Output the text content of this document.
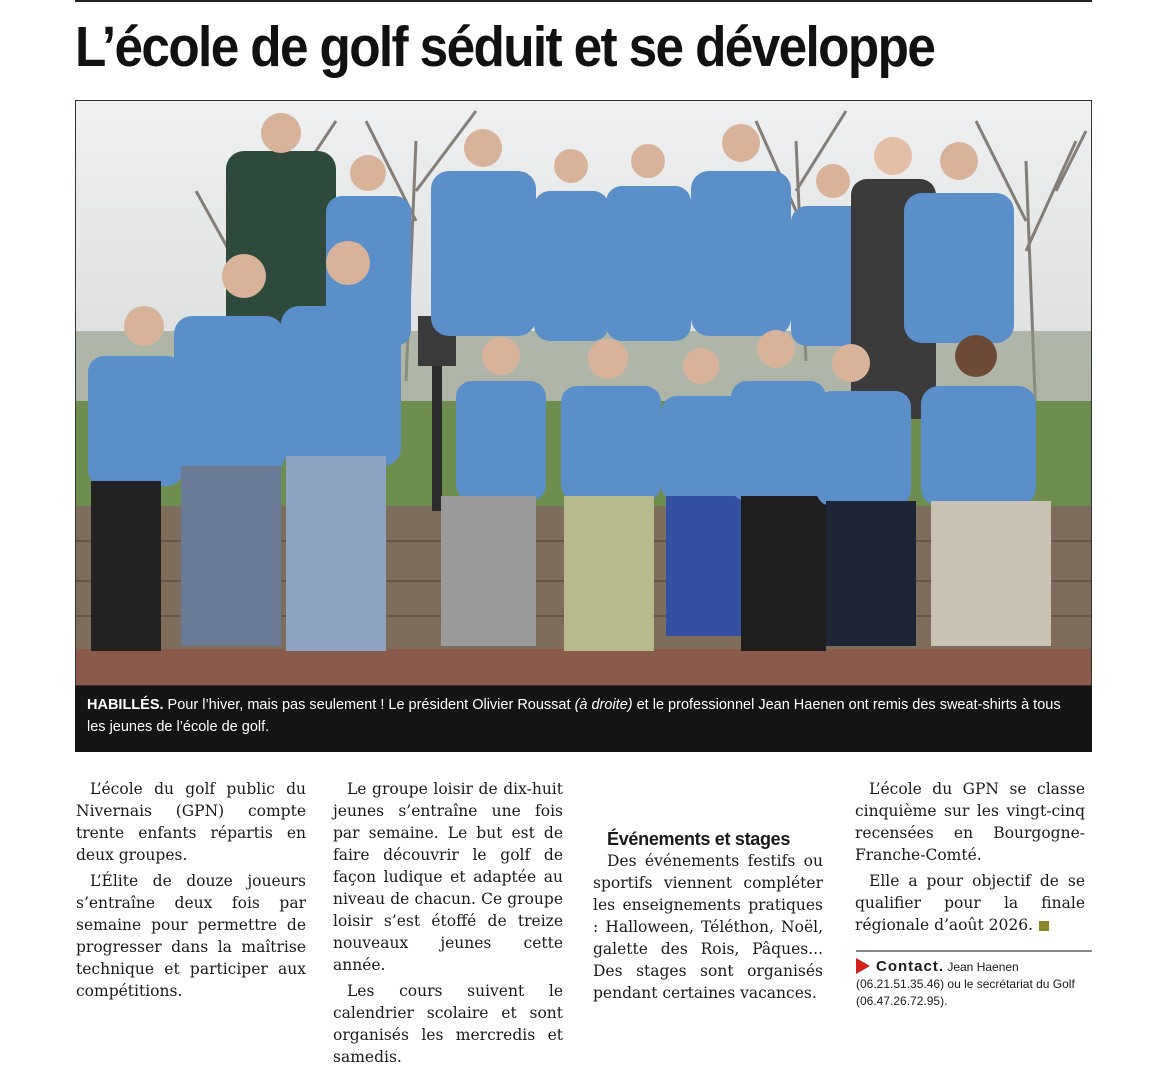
L’école de golf séduit et se développe
HABILLÉS. Pour l’hiver, mais pas seulement ! Le président Olivier Roussat (à droite) et le professionnel Jean Haenen ont remis des sweat-shirts à tous les jeunes de l’école de golf.

L’école du golf public du Nivernais (GPN) compte trente enfants répartis en deux groupes.

L’Élite de douze joueurs s’entraîne deux fois par semaine pour permettre de progresser dans la maîtrise technique et participer aux compétitions.

Le groupe loisir de dix-huit jeunes s’entraîne une fois par semaine. Le but est de faire découvrir le golf de façon ludique et adaptée au niveau de chacun. Ce groupe loisir s’est étoffé de treize nouveaux jeunes cette année.

Les cours suivent le calendrier scolaire et sont organisés les mercredis et samedis.

Événements et stages

Des événements festifs ou sportifs viennent compléter les enseignements pratiques : Halloween, Téléthon, Noël, galette des Rois, Pâques... Des stages sont organisés pendant certaines vacances.

L’école du GPN se classe cinquième sur les vingt-cinq recensées en Bourgogne-Franche-Comté.

Elle a pour objectif de se qualifier pour la finale régionale d’août 2026.

Contact. Jean Haenen (06.21.51.35.46) ou le secrétariat du Golf (06.47.26.72.95).
